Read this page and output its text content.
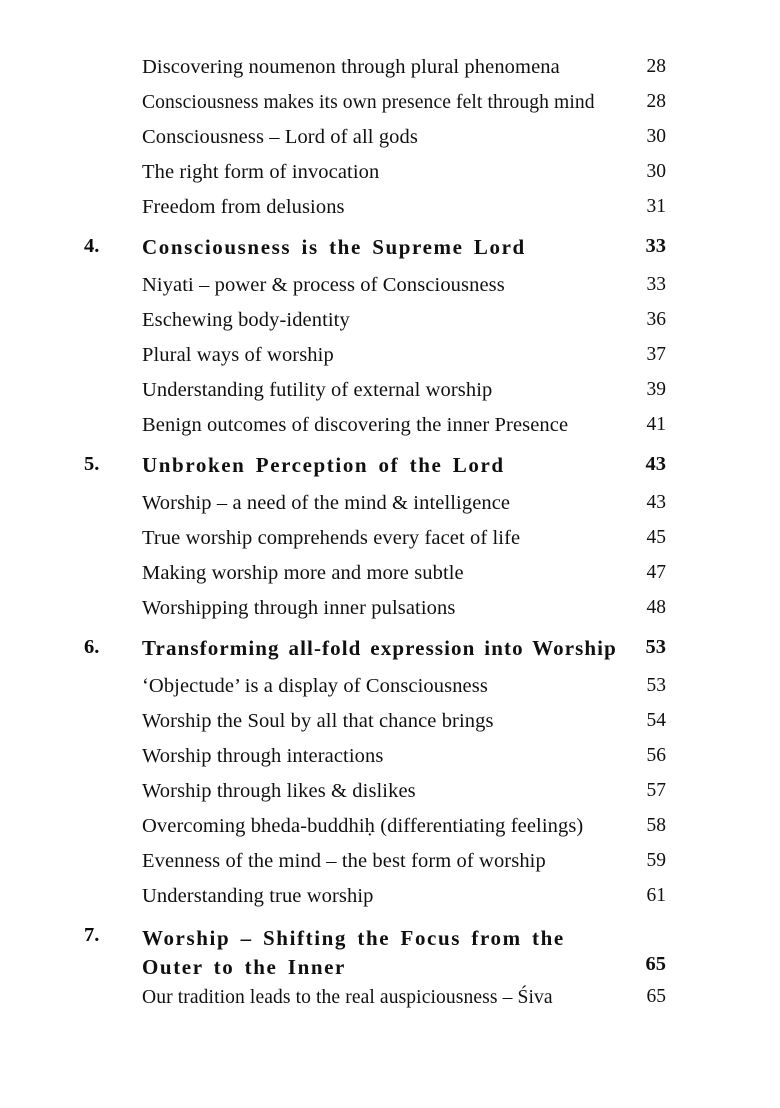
Discovering noumenon through plural phenomena	28
Consciousness makes its own presence felt through mind	28
Consciousness – Lord of all gods	30
The right form of invocation	30
Freedom from delusions	31
4.	Consciousness is the Supreme Lord	33
Niyati – power & process of Consciousness	33
Eschewing body-identity	36
Plural ways of worship	37
Understanding futility of external worship	39
Benign outcomes of discovering the inner Presence	41
5.	Unbroken Perception of the Lord	43
Worship – a need of the mind & intelligence	43
True worship comprehends every facet of life	45
Making worship more and more subtle	47
Worshipping through inner pulsations	48
6.	Transforming all-fold expression into Worship	53
‘Objectude’ is a display of Consciousness	53
Worship the Soul by all that chance brings	54
Worship through interactions	56
Worship through likes & dislikes	57
Overcoming bheda-buddhiḥ (differentiating feelings)	58
Evenness of the mind – the best form of worship	59
Understanding true worship	61
7.	Worship – Shifting the Focus from the Outer to the Inner	65
Our tradition leads to the real auspiciousness – Śiva	65
